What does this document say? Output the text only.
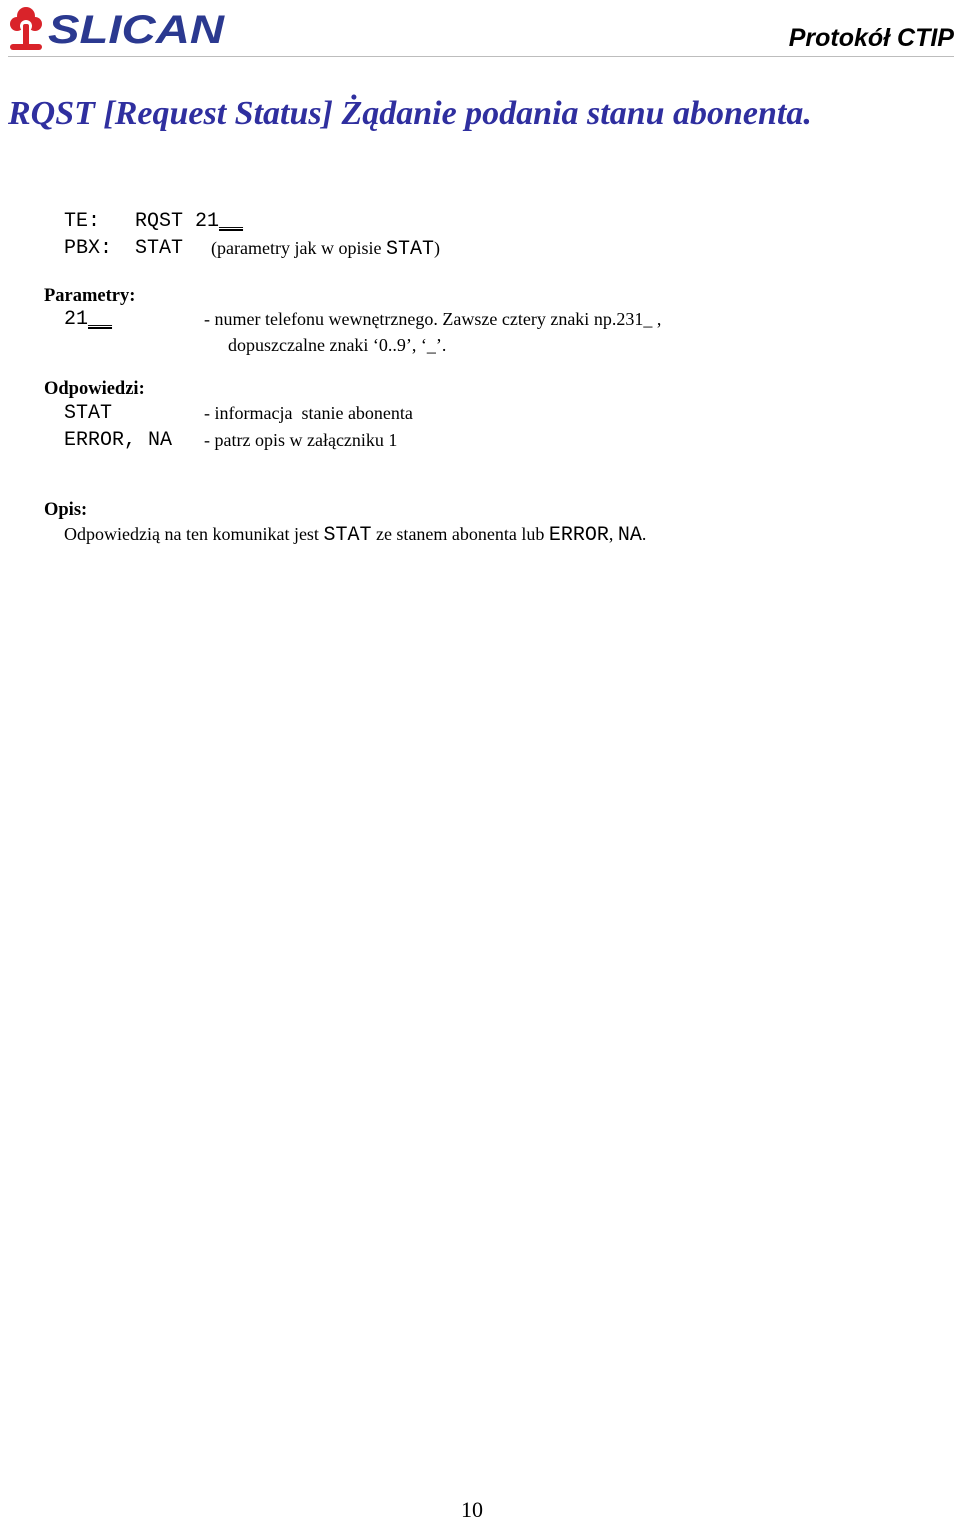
SLICAN	Protokół CTIP
RQST [Request Status] Żądanie podania stanu abonenta.
TE: RQST 21__
PBX: STAT (parametry jak w opisie STAT)
Parametry:
21__	- numer telefonu wewnętrznego. Zawsze cztery znaki np.231_ ,
dopuszczalne znaki ‘0..9’, ‘_’.
Odpowiedzi:
STAT	- informacja  stanie abonenta
ERROR, NA - patrz opis w załączniku 1
Opis:
Odpowiedzią na ten komunikat jest STAT ze stanem abonenta lub ERROR, NA.
10
